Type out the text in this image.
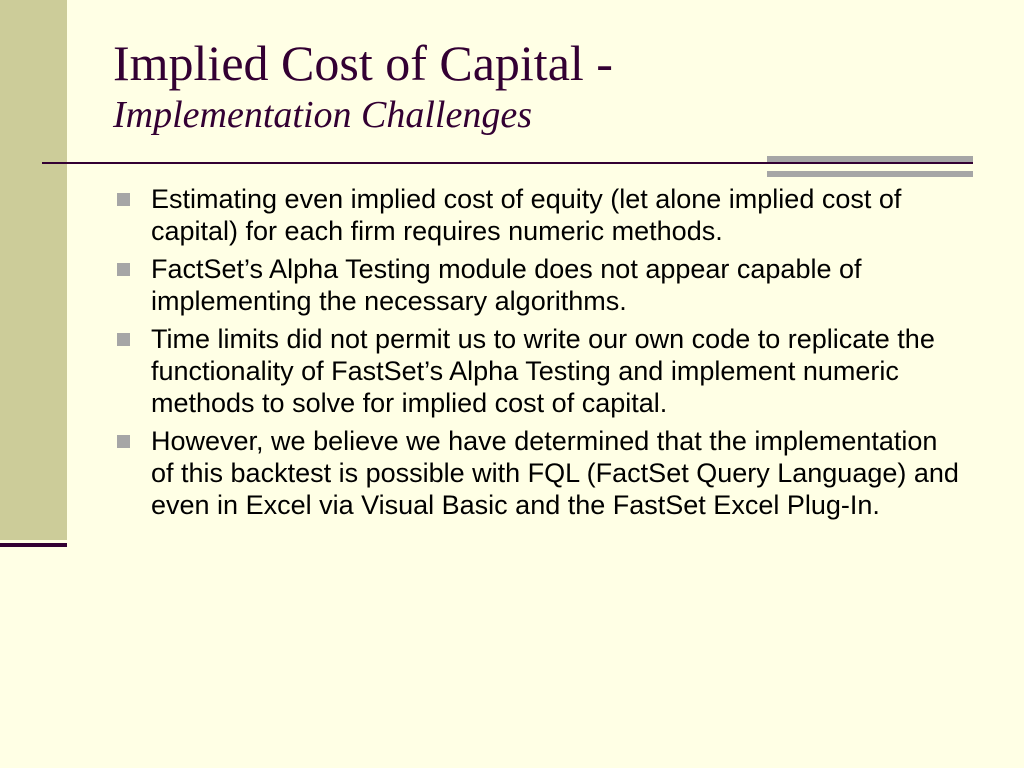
Implied Cost of Capital -
Implementation Challenges
Estimating even implied cost of equity (let alone implied cost of capital) for each firm requires numeric methods.
FactSet’s Alpha Testing module does not appear capable of implementing the necessary algorithms.
Time limits did not permit us to write our own code to replicate the functionality of FastSet’s Alpha Testing and implement numeric methods to solve for implied cost of capital.
However, we believe we have determined that the implementation of this backtest is possible with FQL (FactSet Query Language) and even in Excel via Visual Basic and the FastSet Excel Plug-In.
